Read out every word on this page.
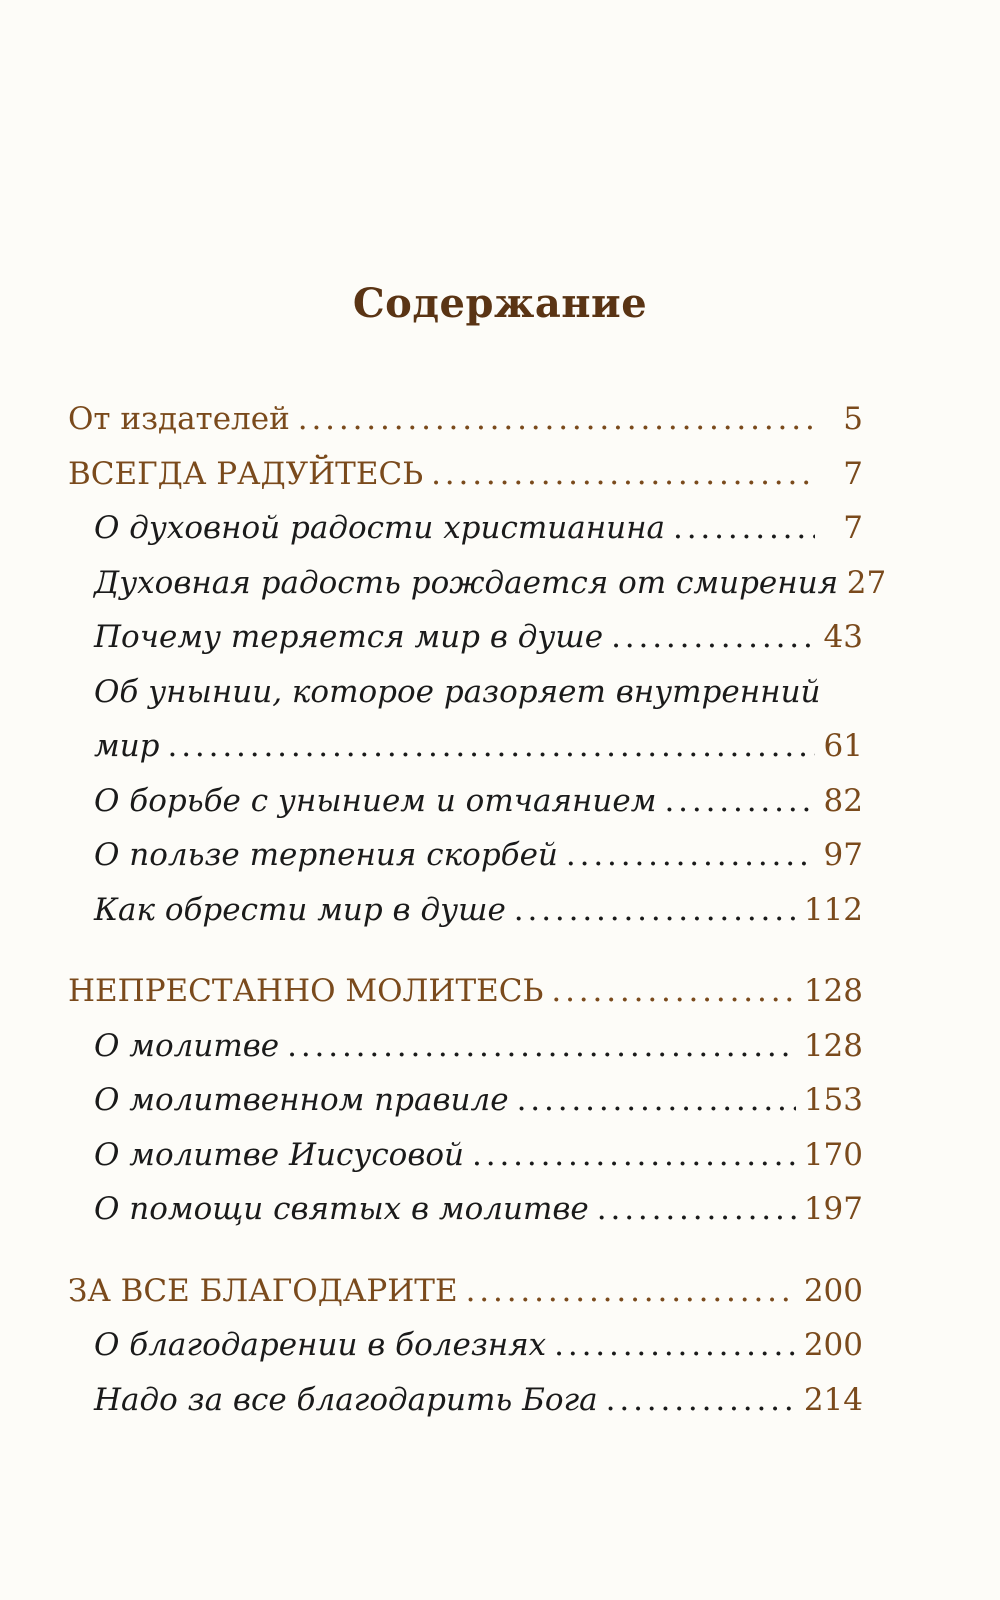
Содержание
От издателей . . .	5
ВСЕГДА РАДУЙТЕСЬ . . .	7
О духовной радости христианина . . .	7
Духовная радость рождается от смирения 27
Почему теряется мир в душе . . .	43
Об унынии, которое разоряет внутренний
мир . . .	61
О борьбе с унынием и отчаянием . . .	82
О пользе терпения скорбей . . .	97
Как обрести мир в душе . . .	112
НЕПРЕСТАННО МОЛИТЕСЬ . . .	128
О молитве . . .	128
О молитвенном правиле . . .	153
О молитве Иисусовой . . .	170
О помощи святых в молитве . . .	197
ЗА ВСЕ БЛАГОДАРИТЕ . . .	200
О благодарении в болезнях . . .	200
Надо за все благодарить Бога . . .	214
